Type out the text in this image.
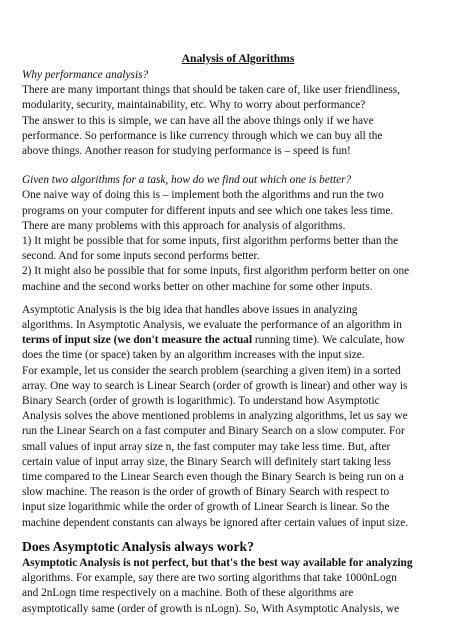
Analysis of Algorithms

Why performance analysis?

There are many important things that should be taken care of, like user friendliness,

modularity, security, maintainability, etc. Why to worry about performance?

The answer to this is simple, we can have all the above things only if we have

performance. So performance is like currency through which we can buy all the

above things. Another reason for studying performance is – speed is fun!

Given two algorithms for a task, how do we find out which one is better?

One naive way of doing this is – implement both the algorithms and run the two

programs on your computer for different inputs and see which one takes less time.

There are many problems with this approach for analysis of algorithms.

1) It might be possible that for some inputs, first algorithm performs better than the

second. And for some inputs second performs better.

2) It might also be possible that for some inputs, first algorithm perform better on one

machine and the second works better on other machine for some other inputs.

Asymptotic Analysis is the big idea that handles above issues in analyzing

algorithms. In Asymptotic Analysis, we evaluate the performance of an algorithm in

terms of input size (we don't measure the actual running time). We calculate, how

does the time (or space) taken by an algorithm increases with the input size.

For example, let us consider the search problem (searching a given item) in a sorted

array. One way to search is Linear Search (order of growth is linear) and other way is

Binary Search (order of growth is logarithmic). To understand how Asymptotic

Analysis solves the above mentioned problems in analyzing algorithms, let us say we

run the Linear Search on a fast computer and Binary Search on a slow computer. For

small values of input array size n, the fast computer may take less time. But, after

certain value of input array size, the Binary Search will definitely start taking less

time compared to the Linear Search even though the Binary Search is being run on a

slow machine. The reason is the order of growth of Binary Search with respect to

input size logarithmic while the order of growth of Linear Search is linear. So the

machine dependent constants can always be ignored after certain values of input size.

Does Asymptotic Analysis always work?

Asymptotic Analysis is not perfect, but that's the best way available for analyzing

algorithms. For example, say there are two sorting algorithms that take 1000nLogn

and 2nLogn time respectively on a machine. Both of these algorithms are

asymptotically same (order of growth is nLogn). So, With Asymptotic Analysis, we
